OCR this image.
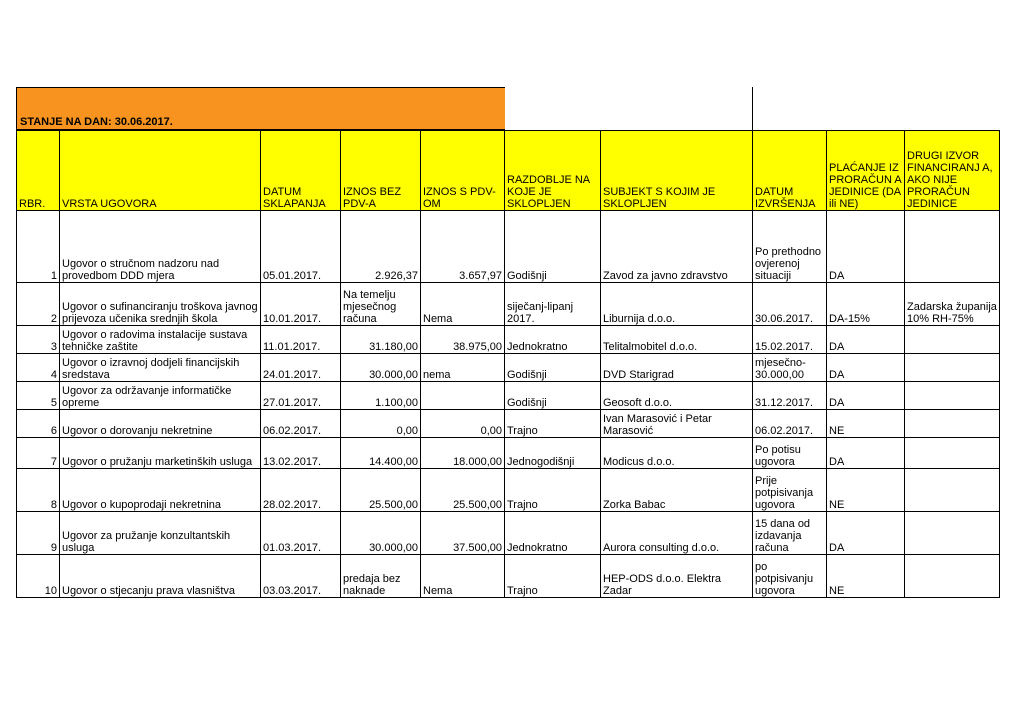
STANJE NA DAN: 30.06.2017.
RBR.	VRSTA UGOVORA	DATUM SKLAPANJA	IZNOS BEZ PDV-A	IZNOS S PDV-OM	RAZDOBLJE NA KOJE JE SKLOPLJEN	SUBJEKT S KOJIM JE SKLOPLJEN	DATUM IZVRŠENJA	PLAĆANJE IZ PRORAČUN A JEDINICE (DA ili NE)	DRUGI IZVOR FINANCIRANJ A, AKO NIJE PRORAČUN JEDINICE
1	Ugovor o stručnom nadzoru nad provedbom DDD mjera	05.01.2017.	2.926,37	3.657,97	Godišnji	Zavod za javno zdravstvo	Po prethodno ovjerenoj situaciji	DA	
2	Ugovor o sufinanciranju troškova javnog prijevoza učenika srednjih škola	10.01.2017.	Na temelju mjesečnog računa	Nema	siječanj-lipanj 2017.	Liburnija d.o.o.	30.06.2017.	DA-15%	Zadarska županija 10% RH-75%
3	Ugovor o radovima instalacije sustava tehničke zaštite	11.01.2017.	31.180,00	38.975,00	Jednokratno	Telitalmobitel d.o.o.	15.02.2017.	DA	
4	Ugovor o izravnoj dodjeli financijskih sredstava	24.01.2017.	30.000,00	nema	Godišnji	DVD Starigrad	mjesečno-30.000,00	DA	
5	Ugovor za održavanje informatičke opreme	27.01.2017.	1.100,00		Godišnji	Geosoft d.o.o.	31.12.2017.	DA	
6	Ugovor o dorovanju nekretnine	06.02.2017.	0,00	0,00	Trajno	Ivan Marasović i Petar Marasović	06.02.2017.	NE	
7	Ugovor o pružanju marketinških usluga	13.02.2017.	14.400,00	18.000,00	Jednogodišnji	Modicus d.o.o.	Po potisu ugovora	DA	
8	Ugovor o kupoprodaji nekretnina	28.02.2017.	25.500,00	25.500,00	Trajno	Zorka Babac	Prije potpisivanja ugovora	NE	
9	Ugovor za pružanje konzultantskih usluga	01.03.2017.	30.000,00	37.500,00	Jednokratno	Aurora consulting d.o.o.	15 dana od izdavanja računa	DA	
10	Ugovor o stjecanju prava vlasništva	03.03.2017.	predaja bez naknade	Nema	Trajno	HEP-ODS d.o.o. Elektra Zadar	po potpisivanju ugovora	NE	
